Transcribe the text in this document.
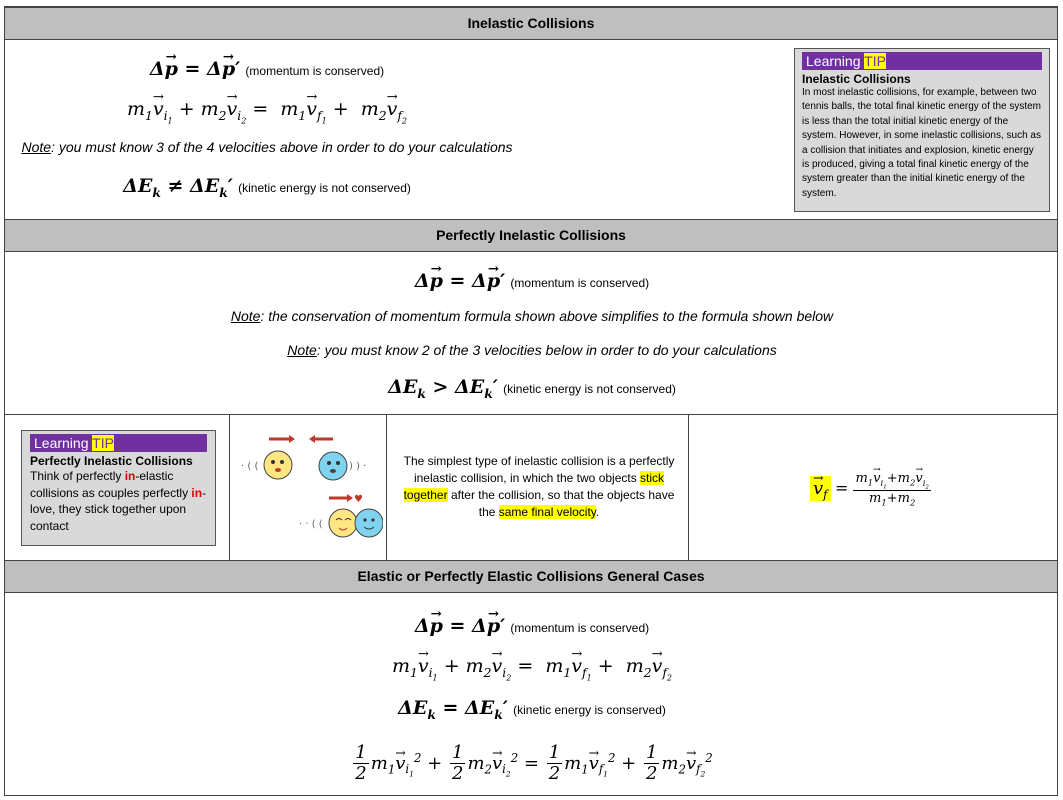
Inelastic Collisions
Δ→ p = Δ→ p′ (momentum is conserved)
$m_1\to v_{i_1} + m_2\to v_{i_2} = m_1\to v_{f_1} + m_2\to v_{f_2}$
Note: you must know 3 of the 4 velocities above in order to do your calculations
$\Delta E_k \ne \Delta E_k'$ (kinetic energy is not conserved)
Learning TIP
Inelastic Collisions
In most inelastic collisions, for example, between two tennis balls, the total final kinetic energy of the system is less than the total initial kinetic energy of the system. However, in some inelastic collisions, such as a collision that initiates and explosion, kinetic energy is produced, giving a total final kinetic energy of the system greater than the initial kinetic energy of the system.
Perfectly Inelastic Collisions
Δ→ p = Δ→ p′ (momentum is conserved)
Note: the conservation of momentum formula shown above simplifies to the formula shown below
Note: you must know 2 of the 3 velocities below in order to do your calculations
$\Delta E_k > \Delta E_k'$ (kinetic energy is not conserved)
Learning TIP
Perfectly Inelastic Collisions
Think of perfectly in-elastic collisions as couples perfectly in-love, they stick together upon contact
· ( (	) ) ·
♥
· · ( (
The simplest type of inelastic collision is a perfectly inelastic collision, in which the two objects stick together after the collision, so that the objects have the same final velocity.
→ $v_f = \frac{m_1\to v_{i_1}+m_2\to v_{i_2}}{m_1+m_2}$
Elastic or Perfectly Elastic Collisions General Cases
Δ→ p = Δ→ p′ (momentum is conserved)
$m_1\to v_{i_1} + m_2\to v_{i_2} = m_1\to v_{f_1} + m_2\to v_{f_2}$
$\Delta E_k = \Delta E_k'$ (kinetic energy is conserved)
$\frac{1}{2} m_1\to v_{i_1}^2 + \frac{1}{2} m_2\to v_{i_2}^2 = \frac{1}{2} m_1\to v_{f_1}^2 + \frac{1}{2} m_2\to v_{f_2}^2$
